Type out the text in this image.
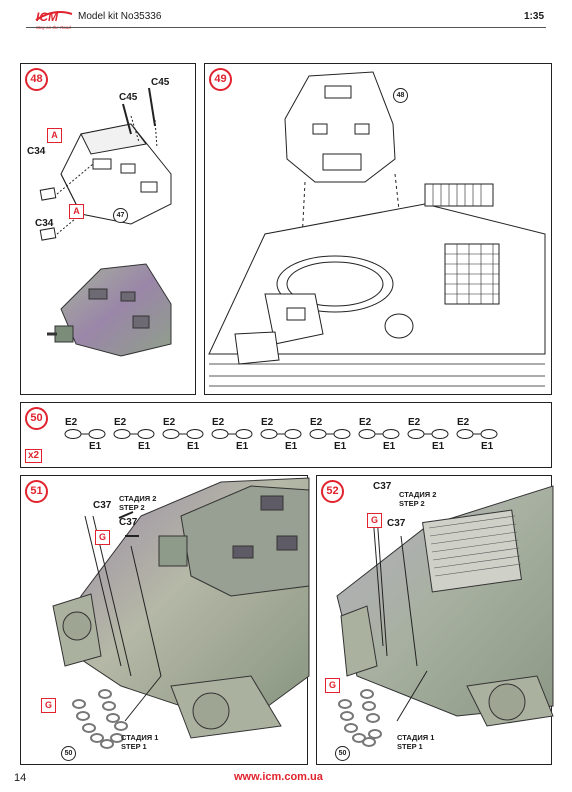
ICM Model kit No35336	1:35
48
C45
C45
A
C34
C34
A	47
49
48
50
x2
E2
E1
E2
E1
E2
E1
E2
E1
E2
E1
E2
E1
E2
E1
E2
E1
E2
E1
51
C37
C37
G
G
СТАДИЯ 2
STEP 2
СТАДИЯ 1
STEP 1
50
52	C37
C37
G
G
СТАДИЯ 2
STEP 2
СТАДИЯ 1
STEP 1
50
14	www.icm.com.ua
